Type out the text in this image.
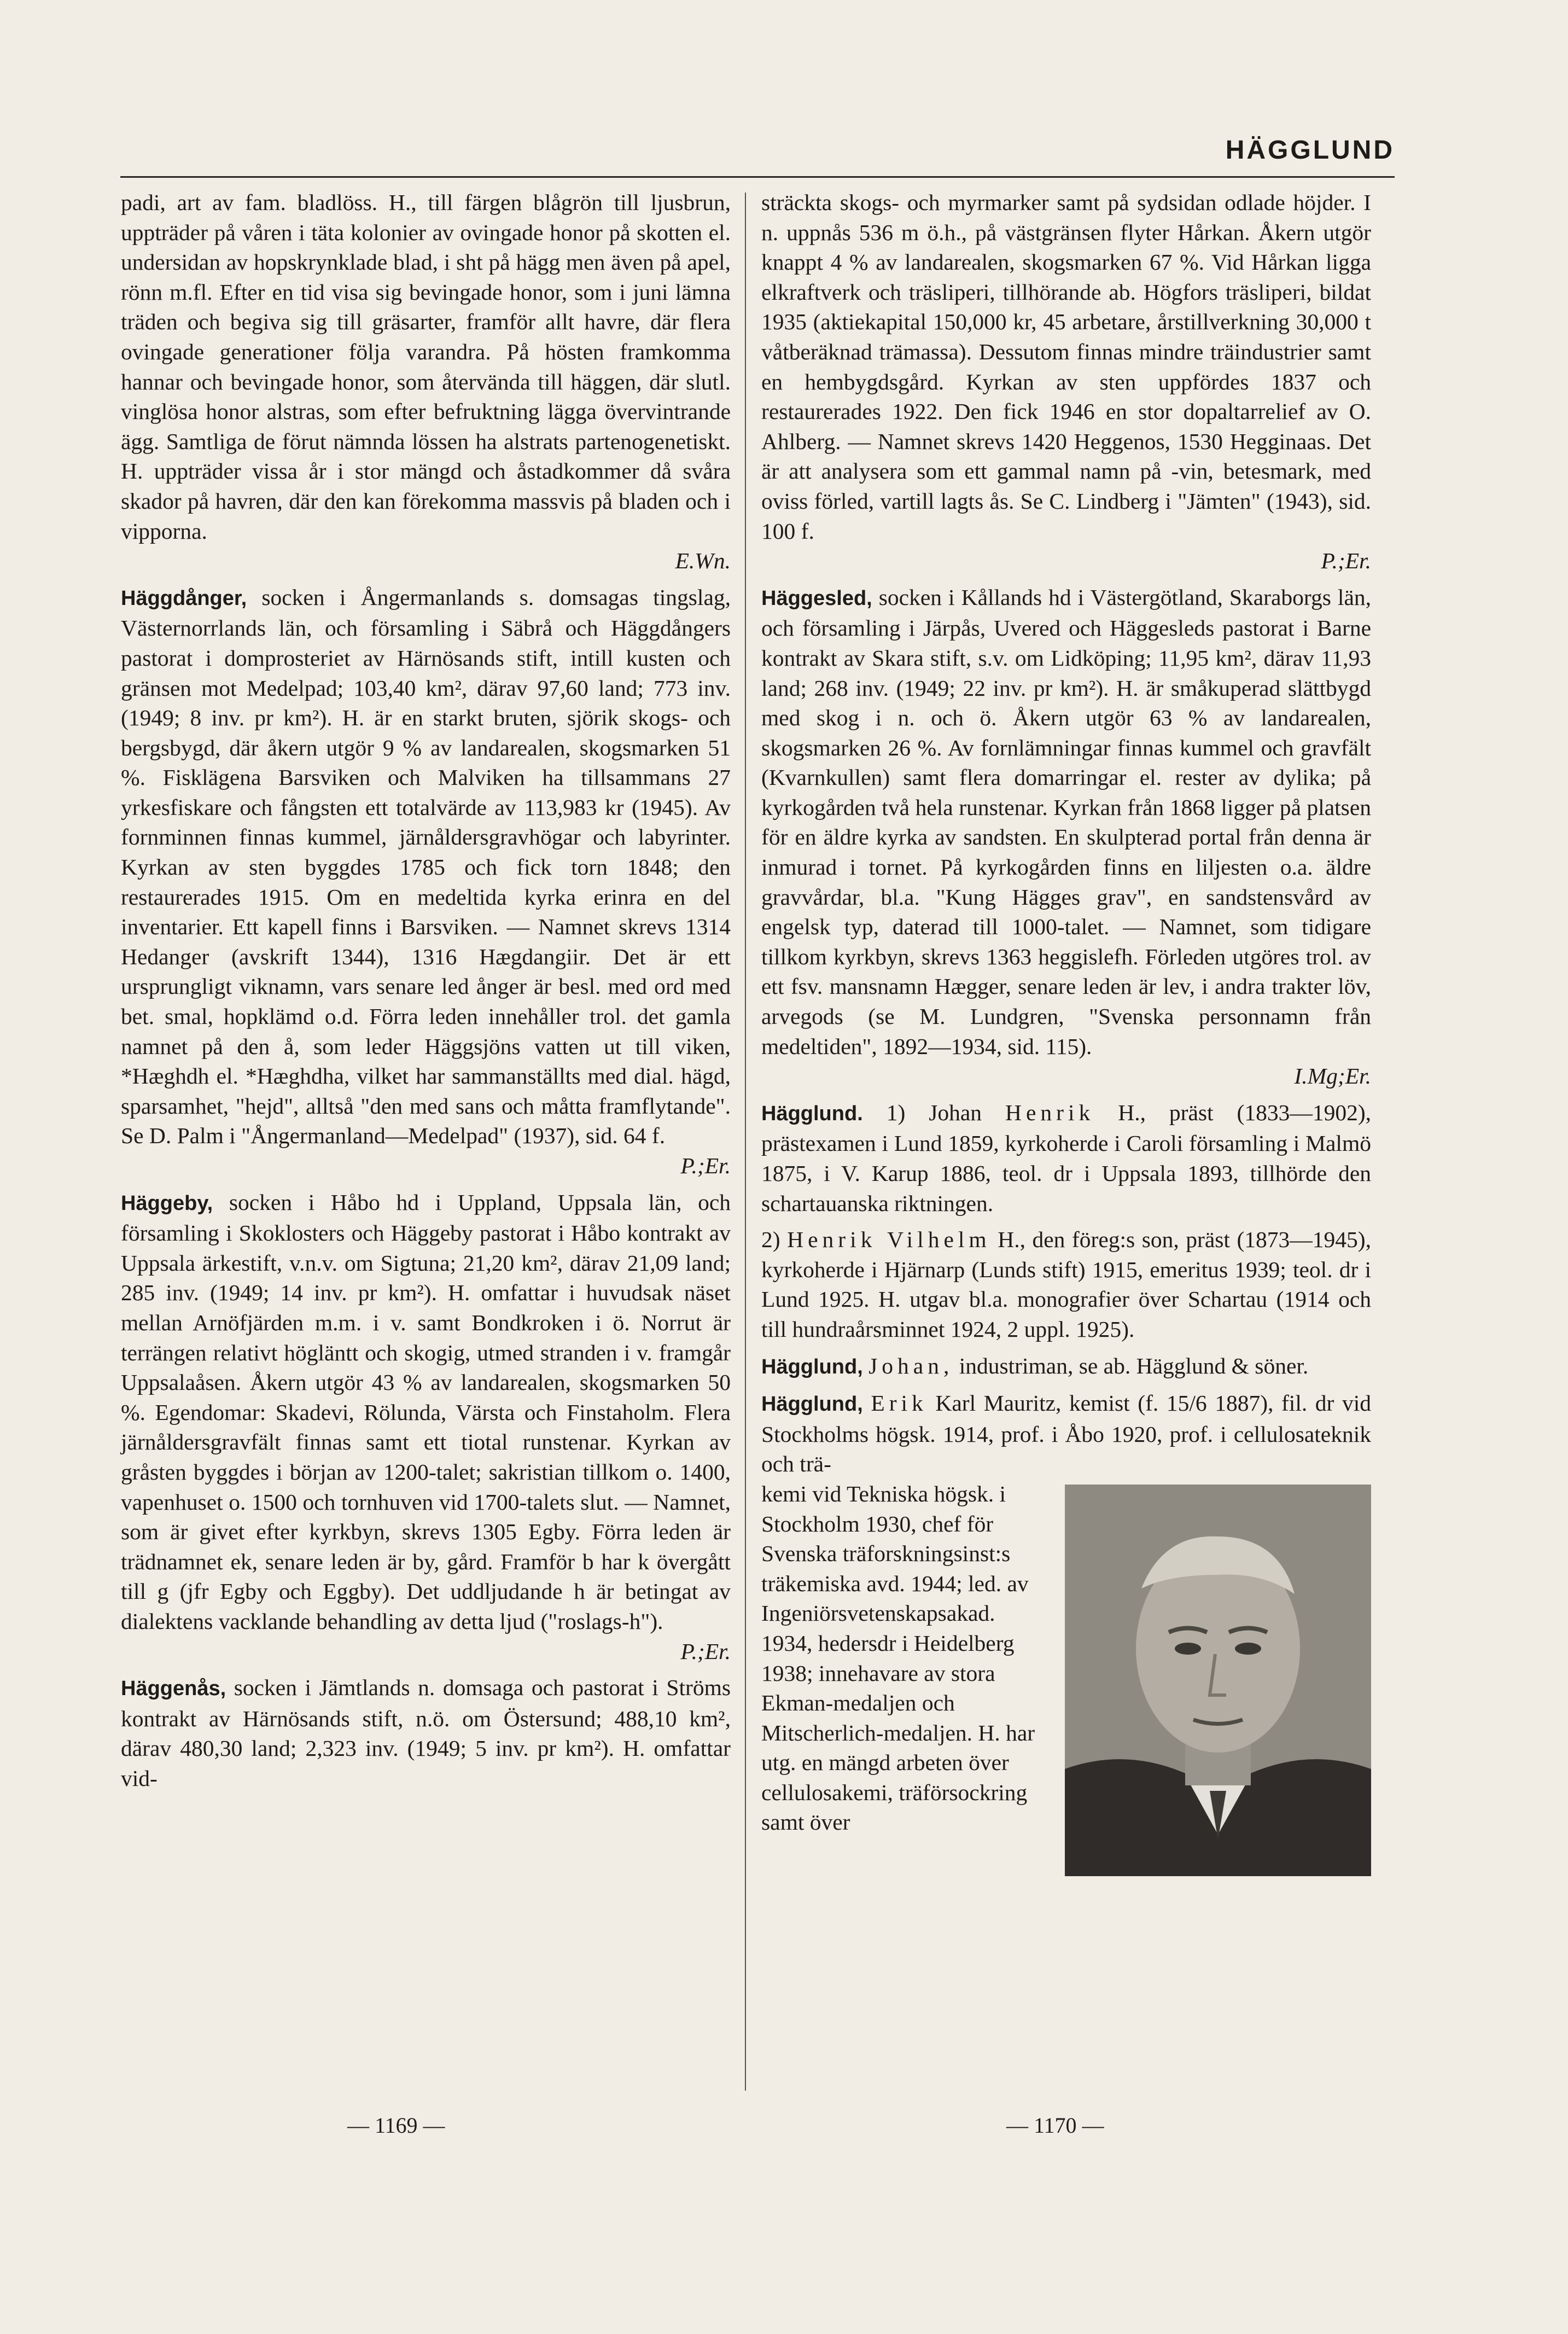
HÄGGLUND

padi, art av fam. bladlöss. H., till färgen blågrön till ljusbrun, uppträder på våren i täta kolonier av ovingade honor på skotten el. undersidan av hopskrynklade blad, i sht på hägg men även på apel, rönn m.fl. Efter en tid visa sig bevingade honor, som i juni lämna träden och begiva sig till gräsarter, framför allt havre, där flera ovingade generationer följa varandra. På hösten framkomma hannar och bevingade honor, som återvända till häggen, där slutl. vinglösa honor alstras, som efter befruktning lägga övervintrande ägg. Samtliga de förut nämnda lössen ha alstrats partenogenetiskt. H. uppträder vissa år i stor mängd och åstadkommer då svåra skador på havren, där den kan förekomma massvis på bladen och i vipporna.
E.Wn.

Häggdånger, socken i Ångermanlands s. domsagas tingslag, Västernorrlands län, och församling i Säbrå och Häggdångers pastorat i domprosteriet av Härnösands stift, intill kusten och gränsen mot Medelpad; 103,40 km², därav 97,60 land; 773 inv. (1949; 8 inv. pr km²). H. är en starkt bruten, sjörik skogs- och bergsbygd, där åkern utgör 9 % av landarealen, skogsmarken 51 %. Fisklägena Barsviken och Malviken ha tillsammans 27 yrkesfiskare och fångsten ett totalvärde av 113,983 kr (1945). Av fornminnen finnas kummel, järnåldersgravhögar och labyrinter. Kyrkan av sten byggdes 1785 och fick torn 1848; den restaurerades 1915. Om en medeltida kyrka erinra en del inventarier. Ett kapell finns i Barsviken. — Namnet skrevs 1314 Hedanger (avskrift 1344), 1316 Hægdangiir. Det är ett ursprungligt viknamn, vars senare led ånger är besl. med ord med bet. smal, hopklämd o.d. Förra leden innehåller trol. det gamla namnet på den å, som leder Häggsjöns vatten ut till viken, *Hæghdh el. *Hæghdha, vilket har sammanställts med dial. hägd, sparsamhet, "hejd", alltså "den med sans och måtta framflytande". Se D. Palm i "Ångermanland—Medelpad" (1937), sid. 64 f.
P.;Er.

Häggeby, socken i Håbo hd i Uppland, Uppsala län, och församling i Skoklosters och Häggeby pastorat i Håbo kontrakt av Uppsala ärkestift, v.n.v. om Sigtuna; 21,20 km², därav 21,09 land; 285 inv. (1949; 14 inv. pr km²). H. omfattar i huvudsak näset mellan Arnöfjärden m.m. i v. samt Bondkroken i ö. Norrut är terrängen relativt högläntt och skogig, utmed stranden i v. framgår Uppsalaåsen. Åkern utgör 43 % av landarealen, skogsmarken 50 %. Egendomar: Skadevi, Rölunda, Värsta och Finstaholm. Flera järnåldersgravfält finnas samt ett tiotal runstenar. Kyrkan av gråsten byggdes i början av 1200-talet; sakristian tillkom o. 1400, vapenhuset o. 1500 och tornhuven vid 1700-talets slut. — Namnet, som är givet efter kyrkbyn, skrevs 1305 Egby. Förra leden är trädnamnet ek, senare leden är by, gård. Framför b har k övergått till g (jfr Egby och Eggby). Det uddljudande h är betingat av dialektens vacklande behandling av detta ljud ("roslags-h").
P.;Er.

Häggenås, socken i Jämtlands n. domsaga och pastorat i Ströms kontrakt av Härnösands stift, n.ö. om Östersund; 488,10 km², därav 480,30 land; 2,323 inv. (1949; 5 inv. pr km²). H. omfattar vid-

sträckta skogs- och myrmarker samt på sydsidan odlade höjder. I n. uppnås 536 m ö.h., på västgränsen flyter Hårkan. Åkern utgör knappt 4 % av landarealen, skogsmarken 67 %. Vid Hårkan ligga elkraftverk och träsliperi, tillhörande ab. Högfors träsliperi, bildat 1935 (aktiekapital 150,000 kr, 45 arbetare, årstillverkning 30,000 t våtberäknad trämassa). Dessutom finnas mindre träindustrier samt en hembygdsgård. Kyrkan av sten uppfördes 1837 och restaurerades 1922. Den fick 1946 en stor dopaltarrelief av O. Ahlberg. — Namnet skrevs 1420 Heggenos, 1530 Hegginaas. Det är att analysera som ett gammal namn på -vin, betesmark, med oviss förled, vartill lagts ås. Se C. Lindberg i "Jämten" (1943), sid. 100 f.
P.;Er.

Häggesled, socken i Kållands hd i Västergötland, Skaraborgs län, och församling i Järpås, Uvered och Häggesleds pastorat i Barne kontrakt av Skara stift, s.v. om Lidköping; 11,95 km², därav 11,93 land; 268 inv. (1949; 22 inv. pr km²). H. är småkuperad slättbygd med skog i n. och ö. Åkern utgör 63 % av landarealen, skogsmarken 26 %. Av fornlämningar finnas kummel och gravfält (Kvarnkullen) samt flera domarringar el. rester av dylika; på kyrkogården två hela runstenar. Kyrkan från 1868 ligger på platsen för en äldre kyrka av sandsten. En skulpterad portal från denna är inmurad i tornet. På kyrkogården finns en liljesten o.a. äldre gravvårdar, bl.a. "Kung Hägges grav", en sandstensvård av engelsk typ, daterad till 1000-talet. — Namnet, som tidigare tillkom kyrkbyn, skrevs 1363 heggislefh. Förleden utgöres trol. av ett fsv. mansnamn Hægger, senare leden är lev, i andra trakter löv, arvegods (se M. Lundgren, "Svenska personnamn från medeltiden", 1892—1934, sid. 115).
I.Mg;Er.

Hägglund. 1) Johan Henrik H., präst (1833—1902), prästexamen i Lund 1859, kyrkoherde i Caroli församling i Malmö 1875, i V. Karup 1886, teol. dr i Uppsala 1893, tillhörde den schartauanska riktningen.

2) Henrik Vilhelm H., den föreg:s son, präst (1873—1945), kyrkoherde i Hjärnarp (Lunds stift) 1915, emeritus 1939; teol. dr i Lund 1925. H. utgav bl.a. monografier över Schartau (1914 och till hundraårsminnet 1924, 2 uppl. 1925).

Hägglund, Johan, industriman, se ab. Hägglund & söner.

Hägglund, Erik Karl Mauritz, kemist (f. 15/6 1887), fil. dr vid Stockholms högsk. 1914, prof. i Åbo 1920, prof. i cellulosateknik och trä-

kemi vid Tekniska högsk. i Stockholm 1930, chef för Svenska träforskningsinst:s träkemiska avd. 1944; led. av Ingeniörsvetenskapsakad. 1934, hedersdr i Heidelberg 1938; innehavare av stora Ekman-medaljen och Mitscherlich-medaljen. H. har utg. en mängd arbeten över cellulosakemi, träförsockring samt över

— 1169 —	— 1170 —
